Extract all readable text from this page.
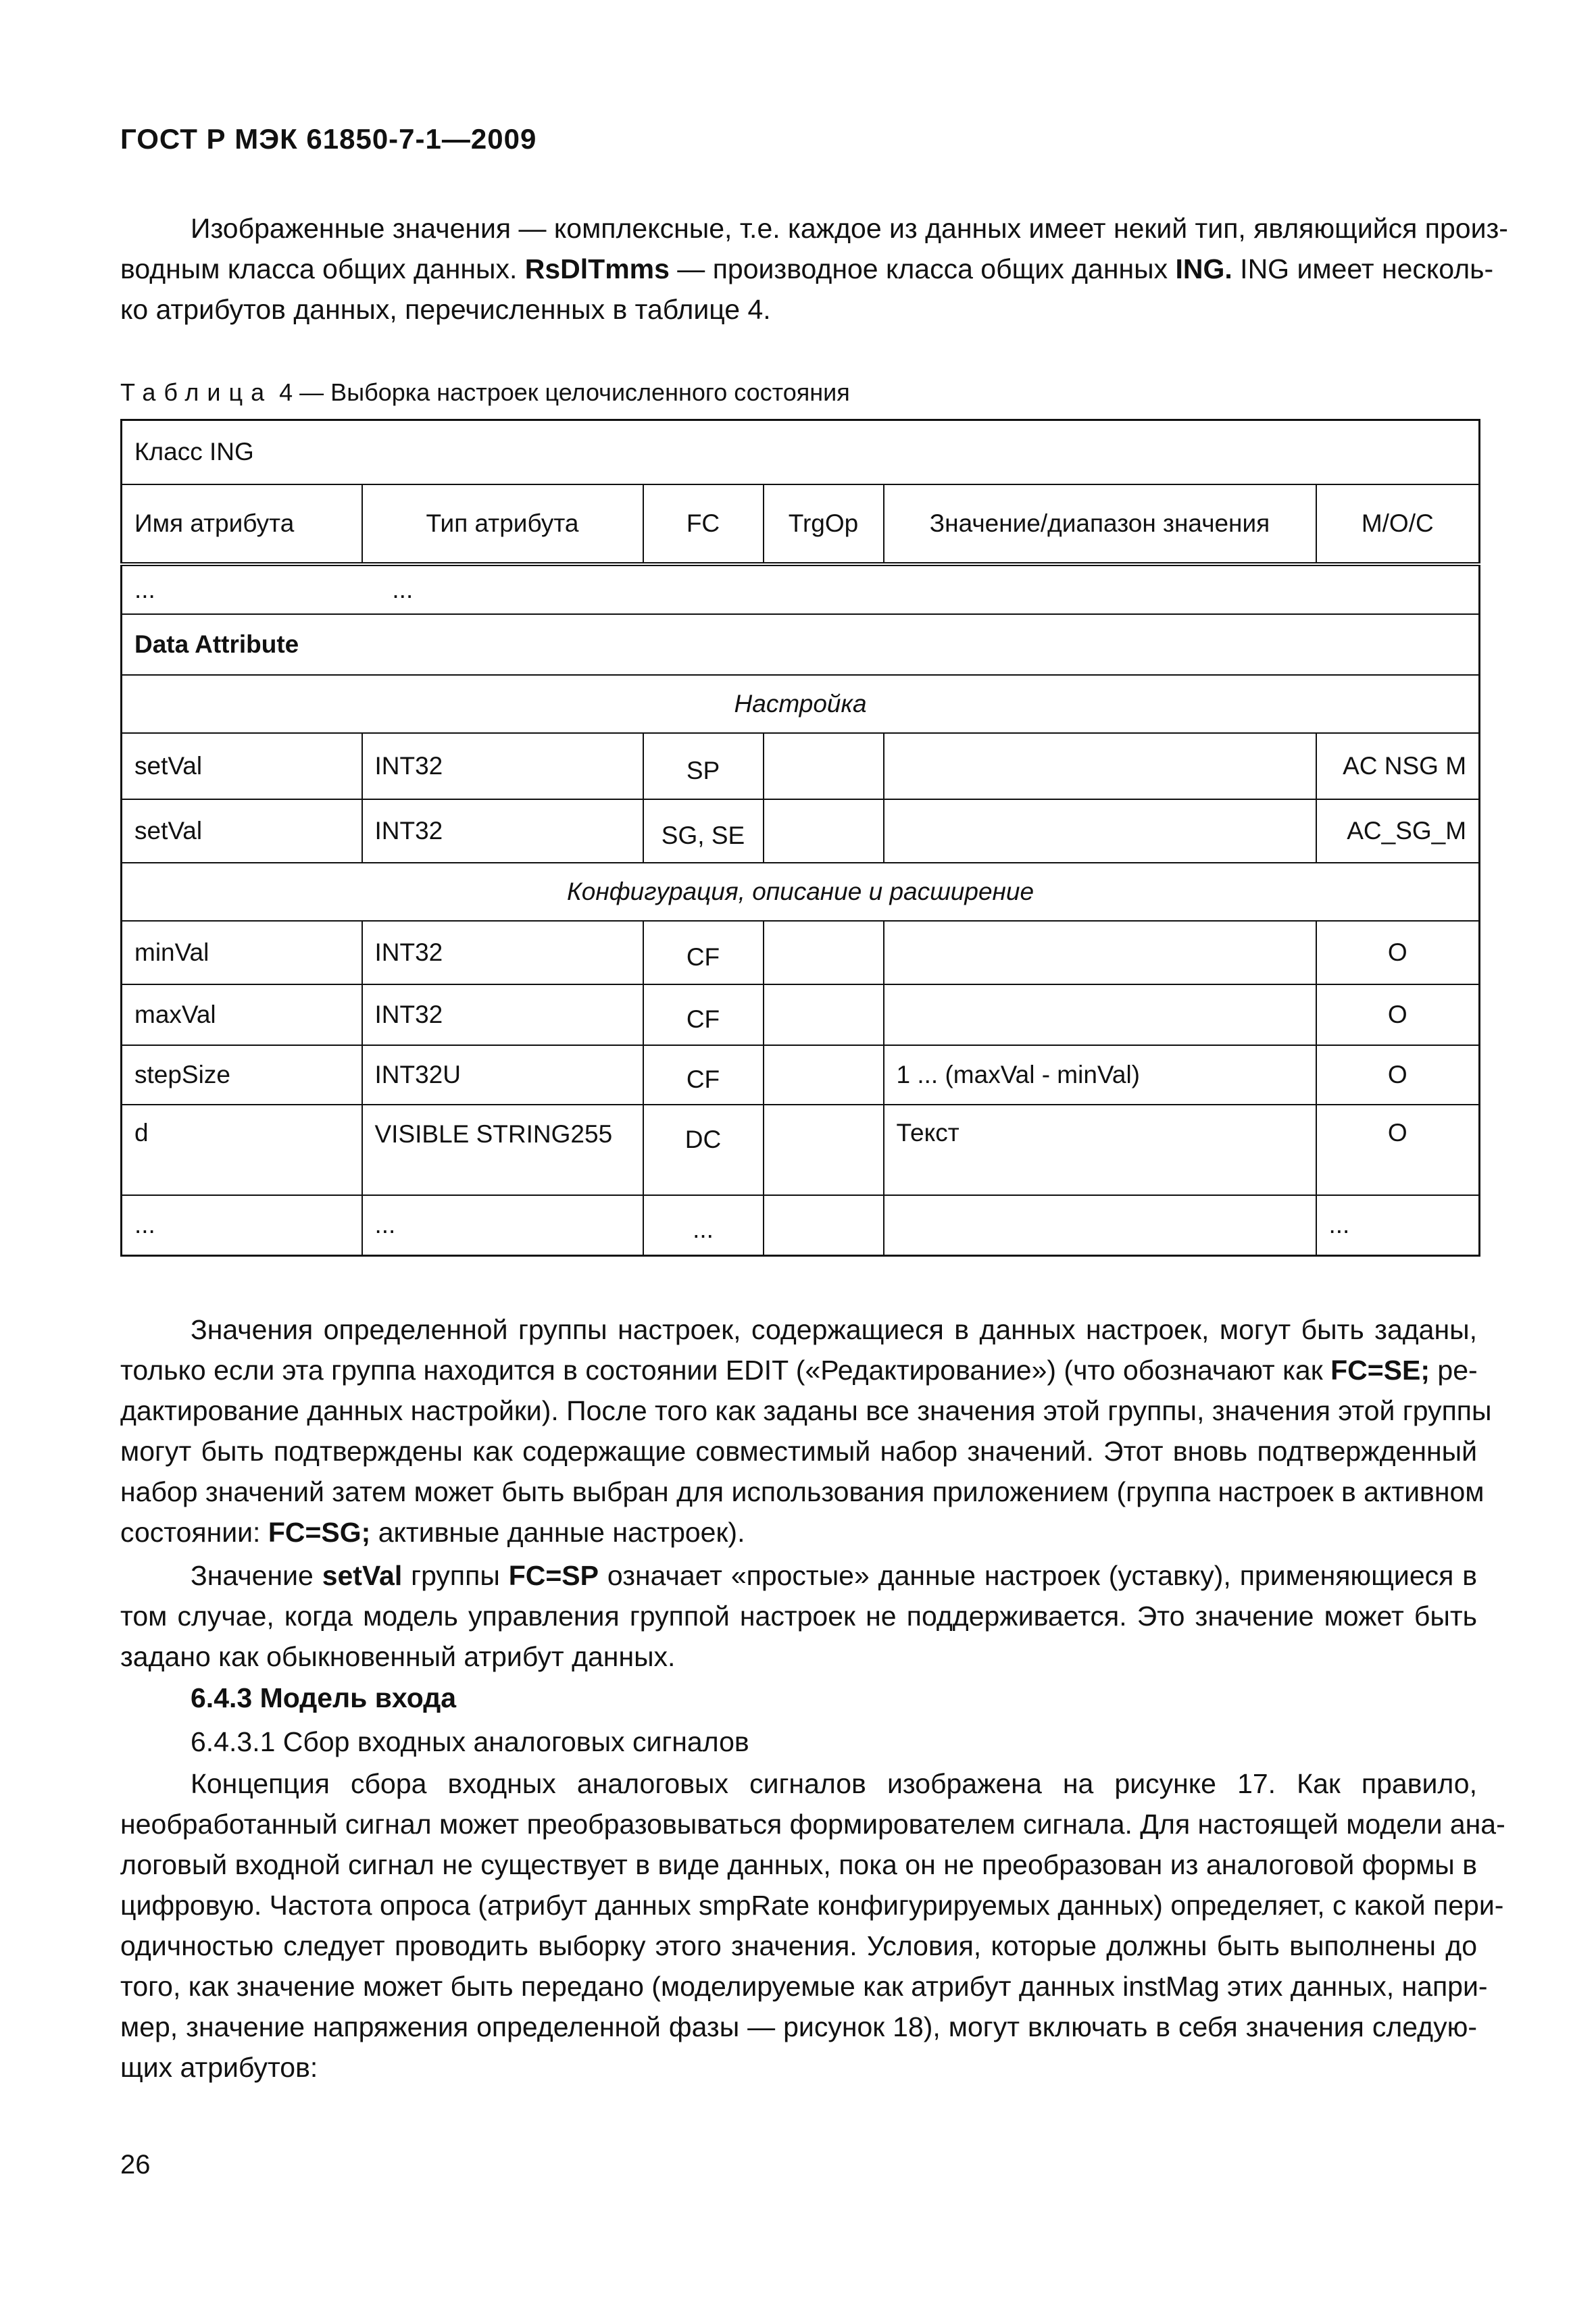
ГОСТ Р МЭК 61850-7-1—2009
Изображенные значения — комплексные, т.е. каждое из данных имеет некий тип, являющийся произ-
водным класса общих данных. RsDlTmms — производное класса общих данных ING. ING имеет несколь-
ко атрибутов данных, перечисленных в таблице 4.
Таблица 4 — Выборка настроек целочисленного состояния
Класс ING					
Имя атрибута	Тип атрибута	FC	TrgOp	Значение/диапазон значения	M/O/C
... ...					
Data Attribute					
Настройка					
setVal	INT32	SP			AC NSG M
setVal	INT32	SG, SE			AC_SG_M
Конфигурация, описание и расширение					
minVal	INT32	CF			O
maxVal	INT32	CF			O
stepSize	INT32U	CF		1 ... (maxVal - minVal)	O
d	VISIBLE STRING255	DC		Текст	O
...	...	...			...
Значения определенной группы настроек, содержащиеся в данных настроек, могут быть заданы,
только если эта группа находится в состоянии EDIT («Редактирование») (что обозначают как FC=SE; ре-
дактирование данных настройки). После того как заданы все значения этой группы, значения этой группы
могут быть подтверждены как содержащие совместимый набор значений. Этот вновь подтвержденный
набор значений затем может быть выбран для использования приложением (группа настроек в активном
состоянии: FC=SG; активные данные настроек).
Значение setVal группы FC=SP означает «простые» данные настроек (уставку), применяющиеся в
том случае, когда модель управления группой настроек не поддерживается. Это значение может быть
задано как обыкновенный атрибут данных.
6.4.3 Модель входа
6.4.3.1 Сбор входных аналоговых сигналов
Концепция сбора входных аналоговых сигналов изображена на рисунке 17. Как правило,
необработанный сигнал может преобразовываться формирователем сигнала. Для настоящей модели ана-
логовый входной сигнал не существует в виде данных, пока он не преобразован из аналоговой формы в
цифровую. Частота опроса (атрибут данных smpRate конфигурируемых данных) определяет, с какой пери-
одичностью следует проводить выборку этого значения. Условия, которые должны быть выполнены до
того, как значение может быть передано (моделируемые как атрибут данных instMag этих данных, напри-
мер, значение напряжения определенной фазы — рисунок 18), могут включать в себя значения следую-
щих атрибутов:
26
